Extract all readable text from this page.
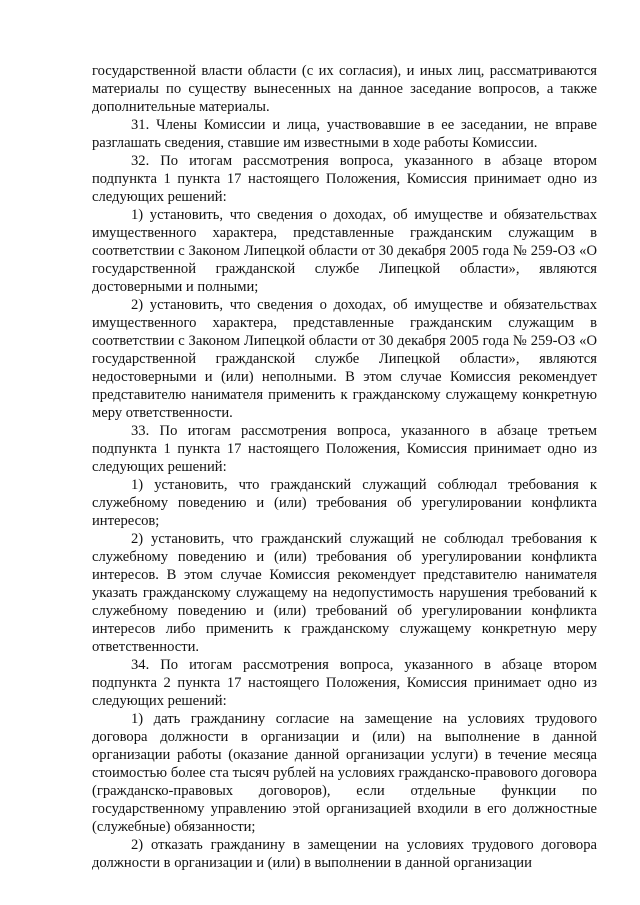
государственной власти области (с их согласия), и иных лиц, рассматриваются материалы по существу вынесенных на данное заседание вопросов, а также дополнительные материалы.

31. Члены Комиссии и лица, участвовавшие в ее заседании, не вправе разглашать сведения, ставшие им известными в ходе работы Комиссии.

32. По итогам рассмотрения вопроса, указанного в абзаце втором подпункта 1 пункта 17 настоящего Положения, Комиссия принимает одно из следующих решений:

1) установить, что сведения о доходах, об имуществе и обязательствах имущественного характера, представленные гражданским служащим в соответствии с Законом Липецкой области от 30 декабря 2005 года № 259-ОЗ «О государственной гражданской службе Липецкой области», являются достоверными и полными;

2) установить, что сведения о доходах, об имуществе и обязательствах имущественного характера, представленные гражданским служащим в соответствии с Законом Липецкой области от 30 декабря 2005 года № 259-ОЗ «О государственной гражданской службе Липецкой области», являются недостоверными и (или) неполными. В этом случае Комиссия рекомендует представителю нанимателя применить к гражданскому служащему конкретную меру ответственности.

33. По итогам рассмотрения вопроса, указанного в абзаце третьем подпункта 1 пункта 17 настоящего Положения, Комиссия принимает одно из следующих решений:

1) установить, что гражданский служащий соблюдал требования к служебному поведению и (или) требования об урегулировании конфликта интересов;

2) установить, что гражданский служащий не соблюдал требования к служебному поведению и (или) требования об урегулировании конфликта интересов. В этом случае Комиссия рекомендует представителю нанимателя указать гражданскому служащему на недопустимость нарушения требований к служебному поведению и (или) требований об урегулировании конфликта интересов либо применить к гражданскому служащему конкретную меру ответственности.

34. По итогам рассмотрения вопроса, указанного в абзаце втором подпункта 2 пункта 17 настоящего Положения, Комиссия принимает одно из следующих решений:

1) дать гражданину согласие на замещение на условиях трудового договора должности в организации и (или) на выполнение в данной организации работы (оказание данной организации услуги) в течение месяца стоимостью более ста тысяч рублей на условиях гражданско-правового договора (гражданско-правовых договоров), если отдельные функции по государственному управлению этой организацией входили в его должностные (служебные) обязанности;

2) отказать гражданину в замещении на условиях трудового договора должности в организации и (или) в выполнении в данной организации
